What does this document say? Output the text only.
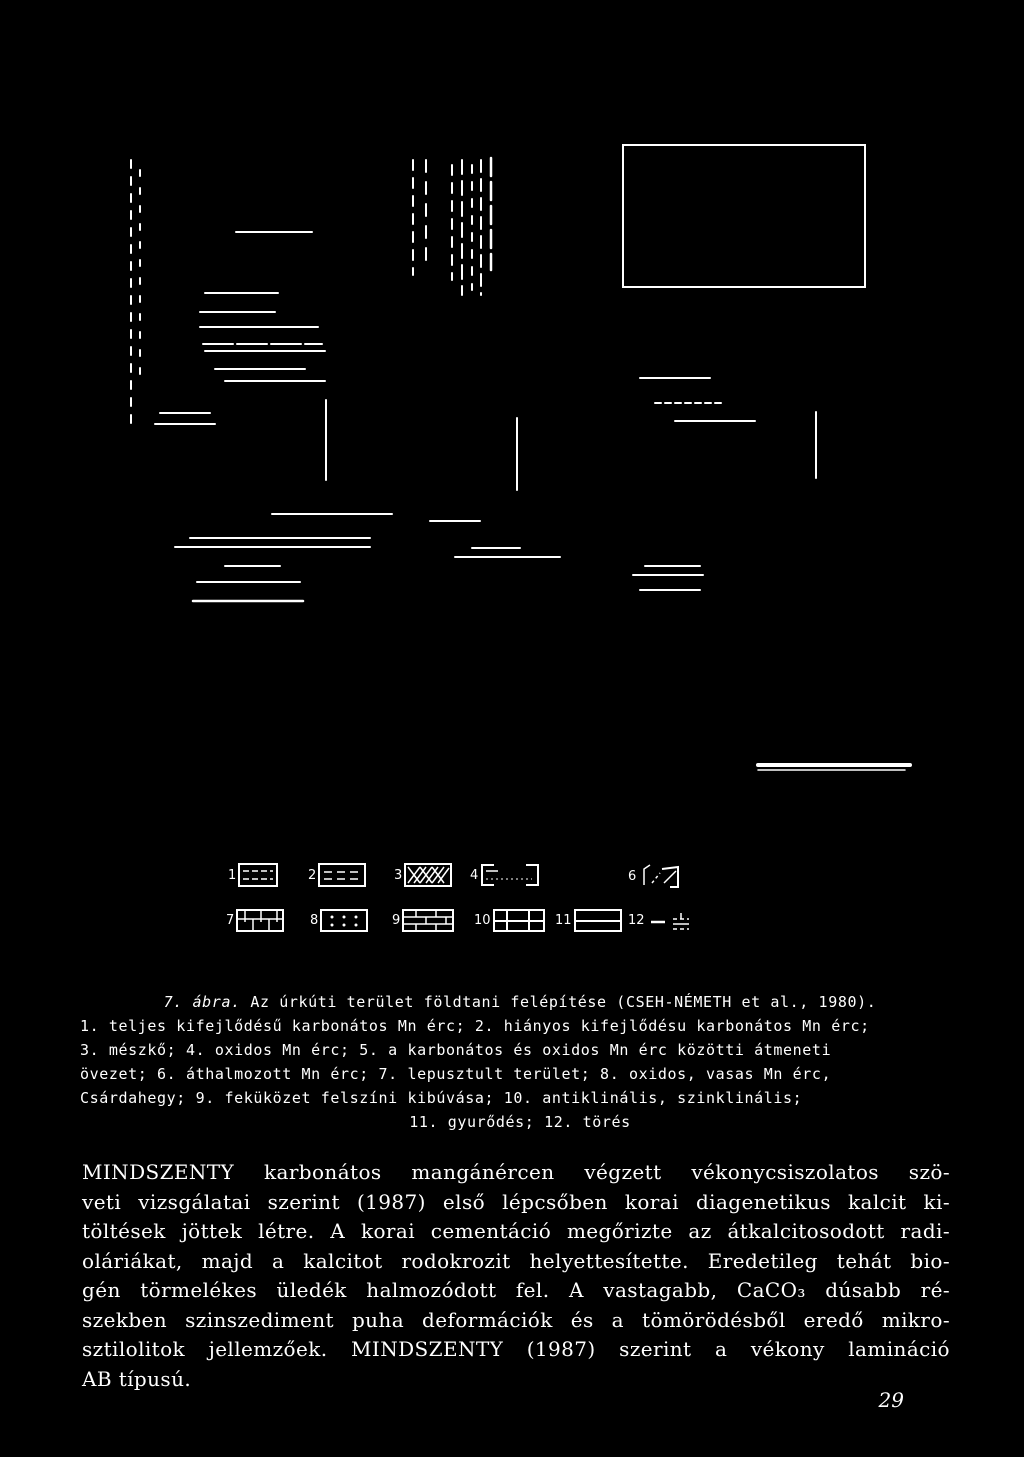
1	2	3	4	6
7	8	9	10	11	12
7. ábra. Az úrkúti terület földtani felépítése (CSEH-NÉMETH et al., 1980).
1. teljes kifejlődésű karbonátos Mn érc; 2. hiányos kifejlődésu karbonátos Mn érc;
3. mészkő; 4. oxidos Mn érc; 5. a karbonátos és oxidos Mn érc közötti átmeneti
övezet; 6. áthalmozott Mn érc; 7. lepusztult terület; 8. oxidos, vasas Mn érc,
Csárdahegy; 9. feküközet felszíni kibúvása; 10. antiklinális, szinklinális;
11. gyurődés; 12. törés
MINDSZENTY karbonátos mangánércen végzett vékonycsiszolatos szö-
veti vizsgálatai szerint (1987) első lépcsőben korai diagenetikus kalcit ki-
töltések jöttek létre. A korai cementáció megőrizte az átkalcitosodott radi-
oláriákat, majd a kalcitot rodokrozit helyettesítette. Eredetileg tehát bio-
gén törmelékes üledék halmozódott fel. A vastagabb, CaCO₃ dúsabb ré-
szekben szinszediment puha deformációk és a tömörödésből eredő mikro-
sztilolitok jellemzőek. MINDSZENTY (1987) szerint a vékony lamináció
AB típusú.
29
